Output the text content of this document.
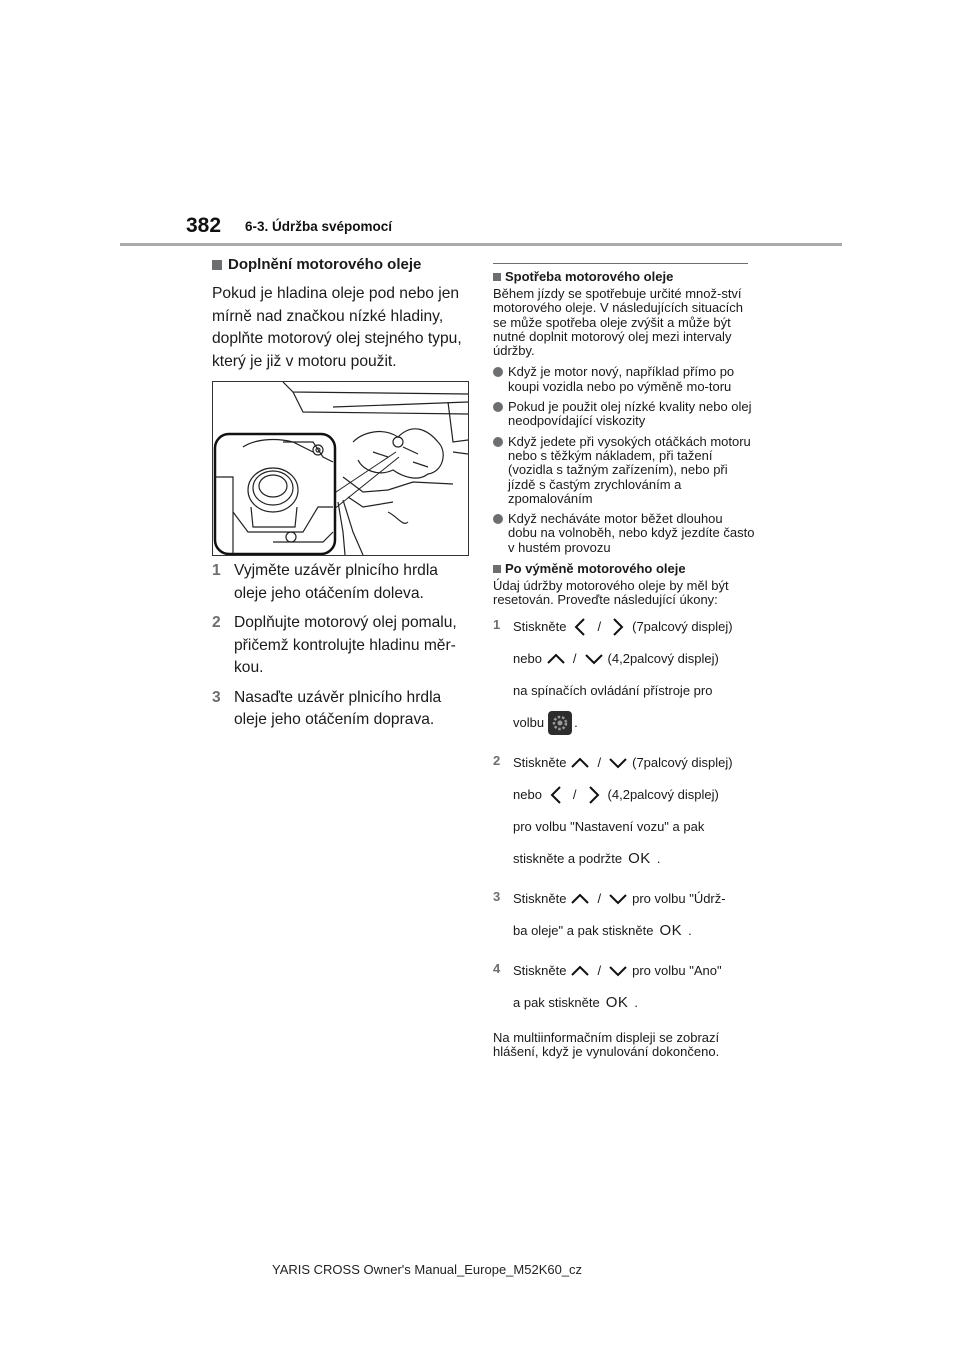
382 6-3. Údržba svépomocí
Doplnění motorového oleje

Pokud je hladina oleje pod nebo jen mírně nad značkou nízké hladiny, doplňte motorový olej stejného typu, který je již v motoru použit.

1 Vyjměte uzávěr plnicího hrdla oleje jeho otáčením doleva.
2 Doplňujte motorový olej pomalu, přičemž kontrolujte hladinu měr-kou.
3 Nasaďte uzávěr plnicího hrdla oleje jeho otáčením doprava.
Spotřeba motorového oleje

Během jízdy se spotřebuje určité množ-ství motorového oleje. V následujících situacích se může spotřeba oleje zvýšit a může být nutné doplnit motorový olej mezi intervaly údržby.

Když je motor nový, například přímo po koupi vozidla nebo po výměně mo-toru
Pokud je použit olej nízké kvality nebo olej neodpovídající viskozity
Když jedete při vysokých otáčkách motoru nebo s těžkým nákladem, při tažení (vozidla s tažným zařízením), nebo při jízdě s častým zrychlováním a zpomalováním
Když necháváte motor běžet dlouhou dobu na volnoběh, nebo když jezdíte často v hustém provozu
Po výměně motorového oleje

Údaj údržby motorového oleje by měl být resetován. Proveďte následující úkony:

1 Stiskněte / (7palcový displej)
nebo / (4,2palcový displej)
na spínačích ovládání přístroje pro
volbu .
2 Stiskněte / (7palcový displej)
nebo / (4,2palcový displej)
pro volbu "Nastavení vozu" a pak
stiskněte a podržte OK .
3 Stiskněte / pro volbu "Údrž-
ba oleje" a pak stiskněte OK .
4 Stiskněte / pro volbu "Ano"
a pak stiskněte OK .

Na multiinformačním displeji se zobrazí hlášení, když je vynulování dokončeno.

YARIS CROSS Owner's Manual_Europe_M52K60_cz
